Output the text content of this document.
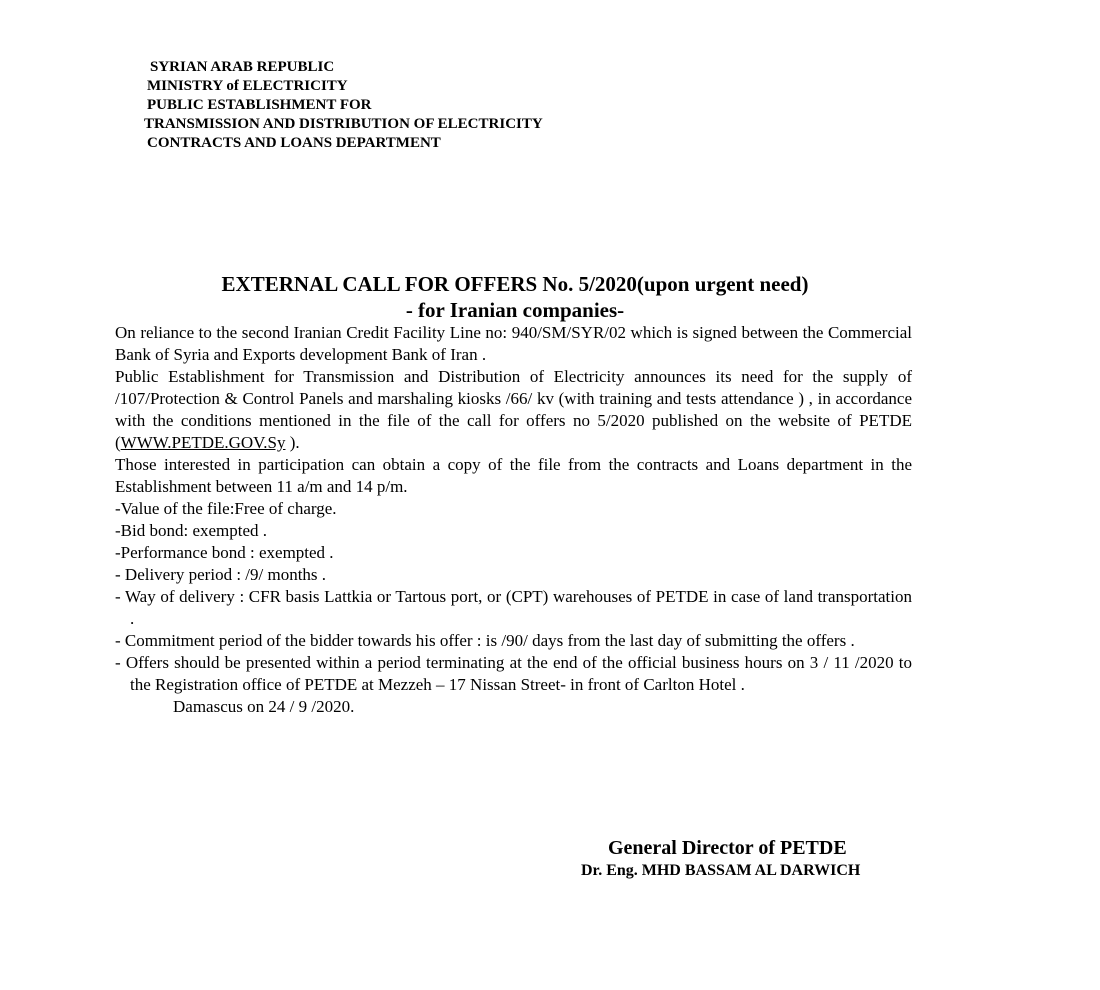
SYRIAN ARAB REPUBLIC
MINISTRY of ELECTRICITY
PUBLIC ESTABLISHMENT FOR
TRANSMISSION AND DISTRIBUTION OF ELECTRICITY
CONTRACTS AND LOANS DEPARTMENT
EXTERNAL CALL FOR OFFERS No. 5/2020(upon urgent need)
- for Iranian companies-

On reliance to the second Iranian Credit Facility Line no: 940/SM/SYR/02 which is signed between the Commercial Bank of Syria and Exports development Bank of Iran .

Public Establishment for Transmission and Distribution of Electricity announces its need for the supply of /107/Protection & Control Panels and marshaling kiosks /66/ kv (with training and tests attendance ) , in accordance with the conditions mentioned in the file of the call for offers no 5/2020 published on the website of PETDE (WWW.PETDE.GOV.Sy ).

Those interested in participation can obtain a copy of the file from the contracts and Loans department in the Establishment between 11 a/m and 14 p/m.

-Value of the file:Free of charge.

-Bid bond: exempted .

-Performance bond : exempted .

- Delivery period : /9/ months .

- Way of delivery : CFR basis Lattkia or Tartous port, or (CPT) warehouses of PETDE in case of land transportation .

- Commitment period of the bidder towards his offer : is /90/ days from the last day of submitting the offers .

- Offers should be presented within a period terminating at the end of the official business hours on 3 / 11 /2020 to the Registration office of PETDE at Mezzeh – 17 Nissan Street- in front of Carlton Hotel .

Damascus on 24 / 9 /2020.

General Director of PETDE
Dr. Eng. MHD BASSAM AL DARWICH
